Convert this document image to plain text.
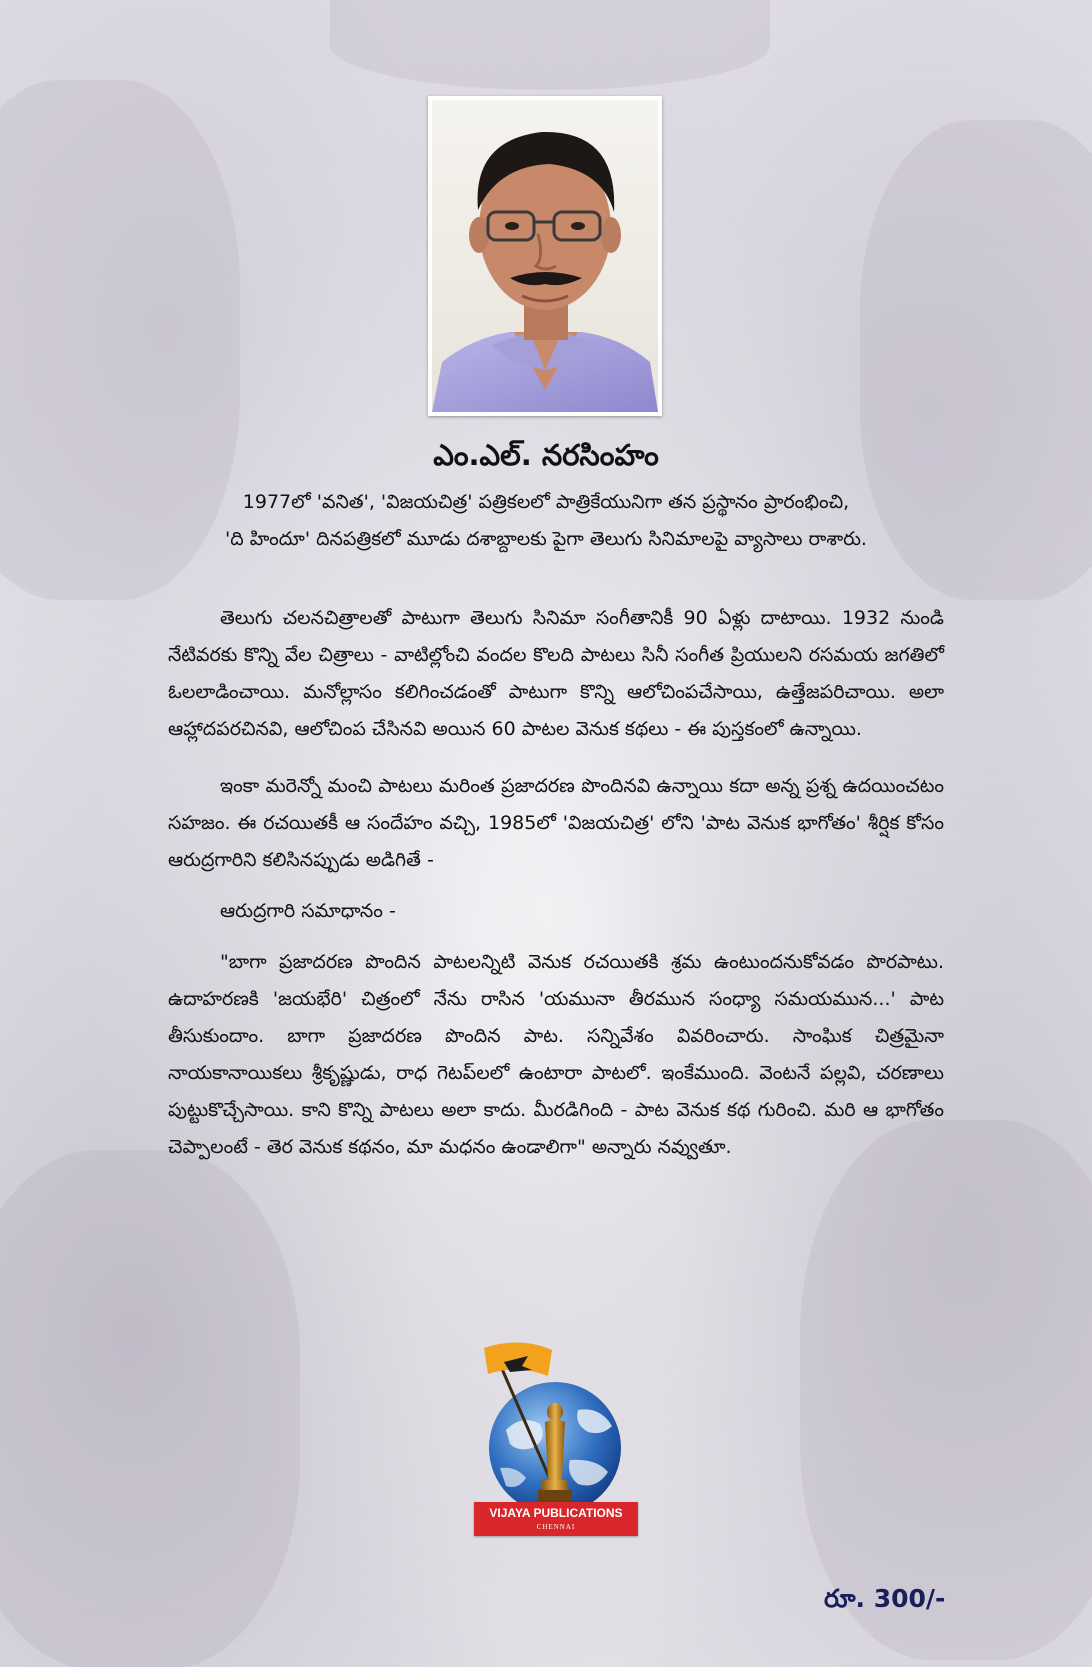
ఎం.ఎల్. నరసింహం
1977లో 'వనిత', 'విజయచిత్ర' పత్రికలలో పాత్రికేయునిగా తన ప్రస్థానం ప్రారంభించి,
'ది హిందూ' దినపత్రికలో మూడు దశాబ్దాలకు పైగా తెలుగు సినిమాలపై వ్యాసాలు రాశారు.

తెలుగు చలనచిత్రాలతో పాటుగా తెలుగు సినిమా సంగీతానికీ 90 ఏళ్లు దాటాయి. 1932 నుండి నేటివరకు కొన్ని వేల చిత్రాలు - వాటిల్లోంచి వందల కొలది పాటలు సినీ సంగీత ప్రియులని రసమయ జగతిలో ఓలలాడించాయి. మనోల్లాసం కలిగించడంతో పాటుగా కొన్ని ఆలోచింపచేసాయి, ఉత్తేజపరిచాయి. అలా ఆహ్లాదపరచినవి, ఆలోచింప చేసినవి అయిన 60 పాటల వెనుక కథలు - ఈ పుస్తకంలో ఉన్నాయి.

ఇంకా మరెన్నో మంచి పాటలు మరింత ప్రజాదరణ పొందినవి ఉన్నాయి కదా అన్న ప్రశ్న ఉదయించటం సహజం. ఈ రచయితకీ ఆ సందేహం వచ్చి, 1985లో 'విజయచిత్ర' లోని 'పాట వెనుక భాగోతం' శీర్షిక కోసం ఆరుద్రగారిని కలిసినప్పుడు అడిగితే -

ఆరుద్రగారి సమాధానం -

"బాగా ప్రజాదరణ పొందిన పాటలన్నిటి వెనుక రచయితకి శ్రమ ఉంటుందనుకోవడం పొరపాటు. ఉదాహరణకి 'జయభేరి' చిత్రంలో నేను రాసిన 'యమునా తీరమున సంధ్యా సమయమున...' పాట తీసుకుందాం. బాగా ప్రజాదరణ పొందిన పాట. సన్నివేశం వివరించారు. సాంఘిక చిత్రమైనా నాయకానాయికలు శ్రీకృష్ణుడు, రాధ గెటప్‌లలో ఉంటారా పాటలో. ఇంకేముంది. వెంటనే పల్లవి, చరణాలు పుట్టుకొచ్చేసాయి. కాని కొన్ని పాటలు అలా కాదు. మీరడిగింది - పాట వెనుక కథ గురించి. మరి ఆ భాగోతం చెప్పాలంటే - తెర వెనుక కథనం, మా మధనం ఉండాలిగా" అన్నారు నవ్వుతూ.

VIJAYA PUBLICATIONS
CHENNAI
రూ. 300/-
